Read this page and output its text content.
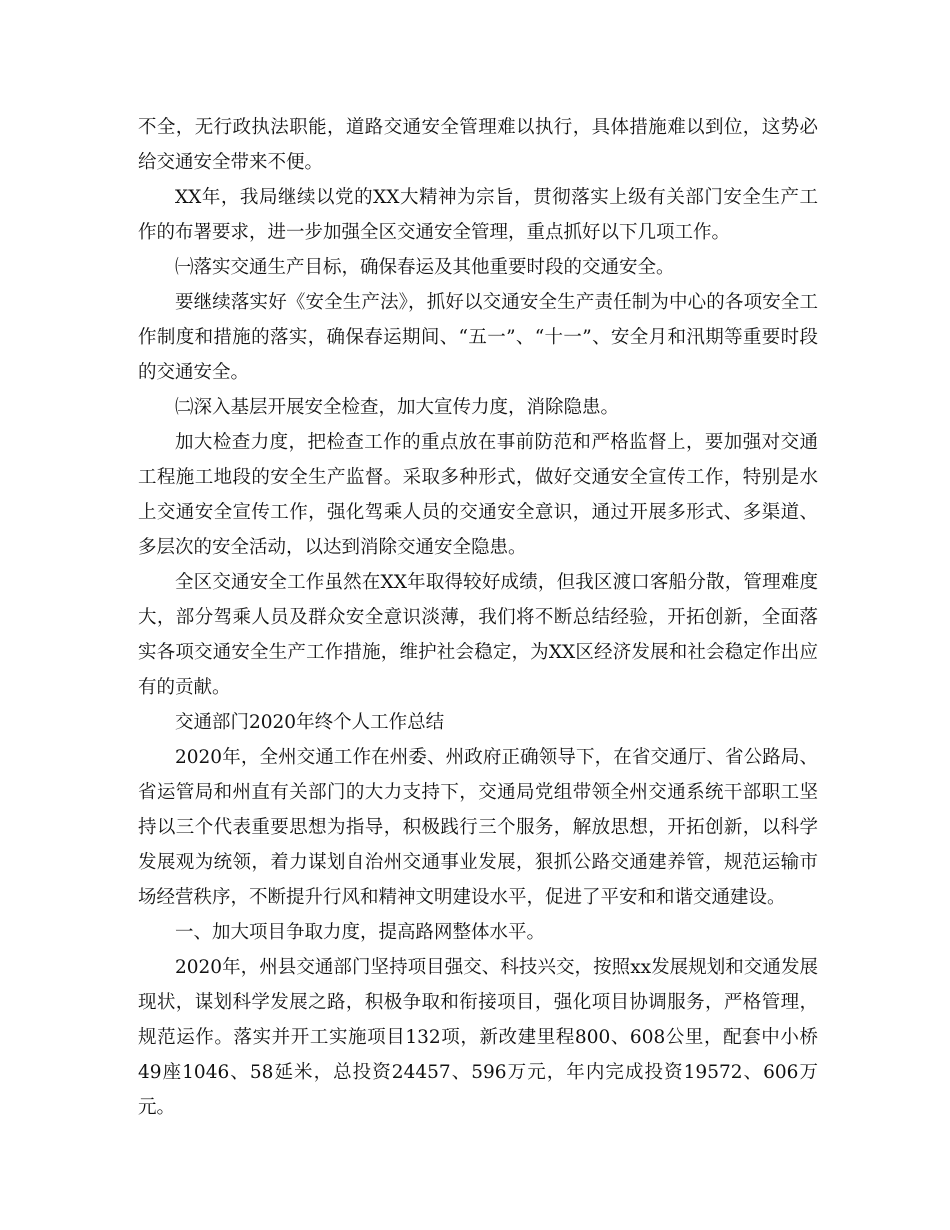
不全，无行政执法职能，道路交通安全管理难以执行，具体措施难以到位，这势必给交通安全带来不便。

XX年，我局继续以党的XX大精神为宗旨，贯彻落实上级有关部门安全生产工作的布署要求，进一步加强全区交通安全管理，重点抓好以下几项工作。

㈠落实交通生产目标，确保春运及其他重要时段的交通安全。

要继续落实好《安全生产法》，抓好以交通安全生产责任制为中心的各项安全工作制度和措施的落实，确保春运期间、“五一”、“十一”、安全月和汛期等重要时段的交通安全。

㈡深入基层开展安全检查，加大宣传力度，消除隐患。

加大检查力度，把检查工作的重点放在事前防范和严格监督上，要加强对交通工程施工地段的安全生产监督。采取多种形式，做好交通安全宣传工作，特别是水上交通安全宣传工作，强化驾乘人员的交通安全意识，通过开展多形式、多渠道、多层次的安全活动，以达到消除交通安全隐患。

全区交通安全工作虽然在XX年取得较好成绩，但我区渡口客船分散，管理难度大，部分驾乘人员及群众安全意识淡薄，我们将不断总结经验，开拓创新，全面落实各项交通安全生产工作措施，维护社会稳定，为XX区经济发展和社会稳定作出应有的贡献。

交通部门2020年终个人工作总结

2020年，全州交通工作在州委、州政府正确领导下，在省交通厅、省公路局、省运管局和州直有关部门的大力支持下，交通局党组带领全州交通系统干部职工坚持以三个代表重要思想为指导，积极践行三个服务，解放思想，开拓创新，以科学发展观为统领，着力谋划自治州交通事业发展，狠抓公路交通建养管，规范运输市场经营秩序，不断提升行风和精神文明建设水平，促进了平安和和谐交通建设。

一、加大项目争取力度，提高路网整体水平。

2020年，州县交通部门坚持项目强交、科技兴交，按照xx发展规划和交通发展现状，谋划科学发展之路，积极争取和衔接项目，强化项目协调服务，严格管理，规范运作。落实并开工实施项目132项，新改建里程800、608公里，配套中小桥49座1046、58延米，总投资24457、596万元，年内完成投资19572、606万元。
